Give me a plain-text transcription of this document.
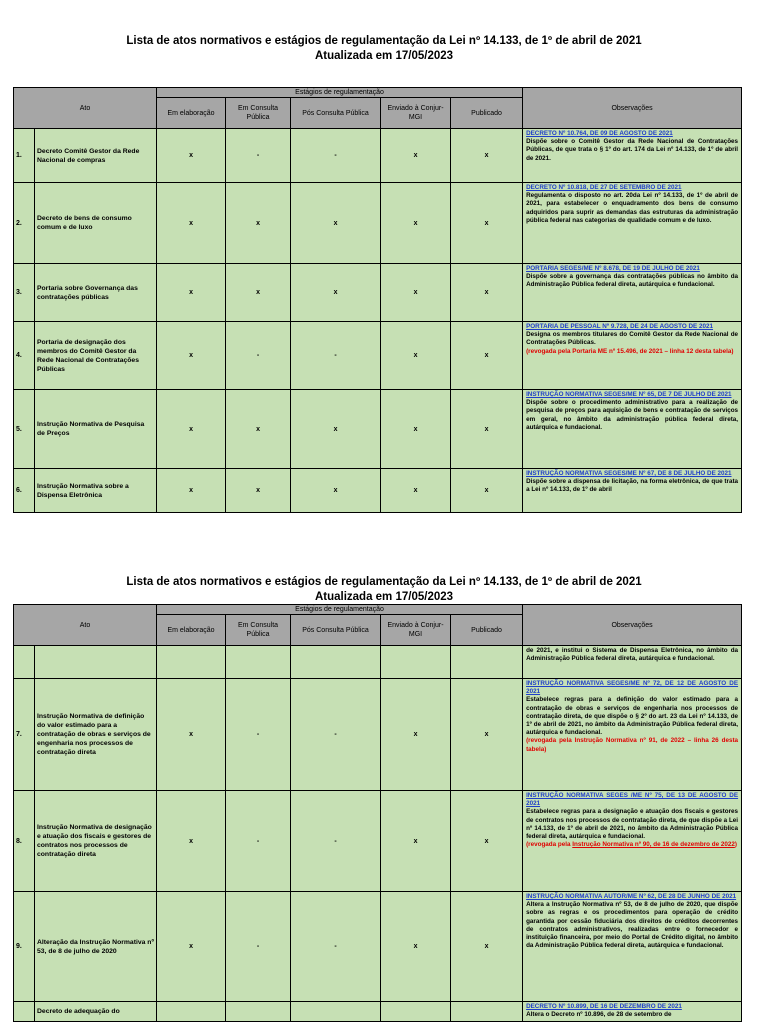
Lista de atos normativos e estágios de regulamentação da Lei nº 14.133, de 1º de abril de 2021
Atualizada em 17/05/2023
Ato		Estágios de regulamentação					Observações
		Em elaboração	Em Consulta Pública	Pós Consulta Pública	Enviado à Conjur-MGI	Publicado	
1.	Decreto Comitê Gestor da Rede Nacional de compras	x	-	-	x	x	DECRETO Nº 10.764, DE 09 DE AGOSTO DE 2021
Dispõe sobre o Comitê Gestor da Rede Nacional de Contratações Públicas, de que trata o § 1º do art. 174 da Lei nº 14.133, de 1º de abril de 2021.

2.	Decreto de bens de consumo comum e de luxo	x	x	x	x	x	DECRETO Nº 10.818, DE 27 DE SETEMBRO DE 2021
Regulamenta o disposto no art. 20da Lei nº 14.133, de 1º de abril de 2021, para estabelecer o enquadramento dos bens de consumo adquiridos para suprir as demandas das estruturas da administração pública federal nas categorias de qualidade comum e de luxo.

3.	Portaria sobre Governança das contratações públicas	x	x	x	x	x	PORTARIA SEGES/ME Nº 8.678, DE 19 DE JULHO DE 2021
Dispõe sobre a governança das contratações públicas no âmbito da Administração Pública federal direta, autárquica e fundacional.

4.	Portaria de designação dos membros do Comitê Gestor da Rede Nacional de Contratações Públicas	x	-	-	x	x	PORTARIA DE PESSOAL Nº 9.728, DE 24 DE AGOSTO DE 2021
Designa os membros titulares do Comitê Gestor da Rede Nacional de Contratações Públicas.
(revogada pela Portaria ME nº 15.496, de 2021 – linha 12 desta tabela)

5.	Instrução Normativa de Pesquisa de Preços	x	x	x	x	x	INSTRUÇÃO NORMATIVA SEGES/ME Nº 65, DE 7 DE JULHO DE 2021
Dispõe sobre o procedimento administrativo para a realização de pesquisa de preços para aquisição de bens e contratação de serviços em geral, no âmbito da administração pública federal direta, autárquica e fundacional.

6.	Instrução Normativa sobre a Dispensa Eletrônica	x	x	x	x	x	INSTRUÇÃO NORMATIVA SEGES/ME Nº 67, DE 8 DE JULHO DE 2021
Dispõe sobre a dispensa de licitação, na forma eletrônica, de que trata a Lei nº 14.133, de 1º de abril
Lista de atos normativos e estágios de regulamentação da Lei nº 14.133, de 1º de abril de 2021
Atualizada em 17/05/2023
Ato		Estágios de regulamentação					Observações
		Em elaboração	Em Consulta Pública	Pós Consulta Pública	Enviado à Conjur-MGI	Publicado	

							de 2021, e institui o Sistema de Dispensa Eletrônica, no âmbito da Administração Pública federal direta, autárquica e fundacional.

7.	Instrução Normativa de definição do valor estimado para a contratação de obras e serviços de engenharia nos processos de contratação direta	x	-	-	x	x	INSTRUÇÃO NORMATIVA SEGES/ME Nº 72, DE 12 DE AGOSTO DE 2021
Estabelece regras para a definição do valor estimado para a contratação de obras e serviços de engenharia nos processos de contratação direta, de que dispõe o § 2º do art. 23 da Lei nº 14.133, de 1º de abril de 2021, no âmbito da Administração Pública federal direta, autárquica e fundacional.
(revogada pela Instrução Normativa nº 91, de 2022 – linha 26 desta tabela)

8.	Instrução Normativa de designação e atuação dos fiscais e gestores de contratos nos processos de contratação direta	x	-	-	x	x	INSTRUÇÃO NORMATIVA SEGES /ME Nº 75, DE 13 DE AGOSTO DE 2021
Estabelece regras para a designação e atuação dos fiscais e gestores de contratos nos processos de contratação direta, de que dispõe a Lei nº 14.133, de 1º de abril de 2021, no âmbito da Administração Pública federal direta, autárquica e fundacional.
(revogada pela Instrução Normativa nº 90, de 16 de dezembro de 2022)

9.	Alteração da Instrução Normativa nº 53, de 8 de julho de 2020	x	-	-	x	x	INSTRUÇÃO NORMATIVA AUTOR/ME Nº 62, DE 28 DE JUNHO DE 2021
Altera a Instrução Normativa nº 53, de 8 de julho de 2020, que dispõe sobre as regras e os procedimentos para operação de crédito garantida por cessão fiduciária dos direitos de créditos decorrentes de contratos administrativos, realizadas entre o fornecedor e instituição financeira, por meio do Portal de Crédito digital, no âmbito da Administração Pública federal direta, autárquica e fundacional.

	Decreto de adequação do						DECRETO Nº 10.899, DE 16 DE DEZEMBRO DE 2021
Altera o Decreto nº 10.896, de 28 de setembro de
